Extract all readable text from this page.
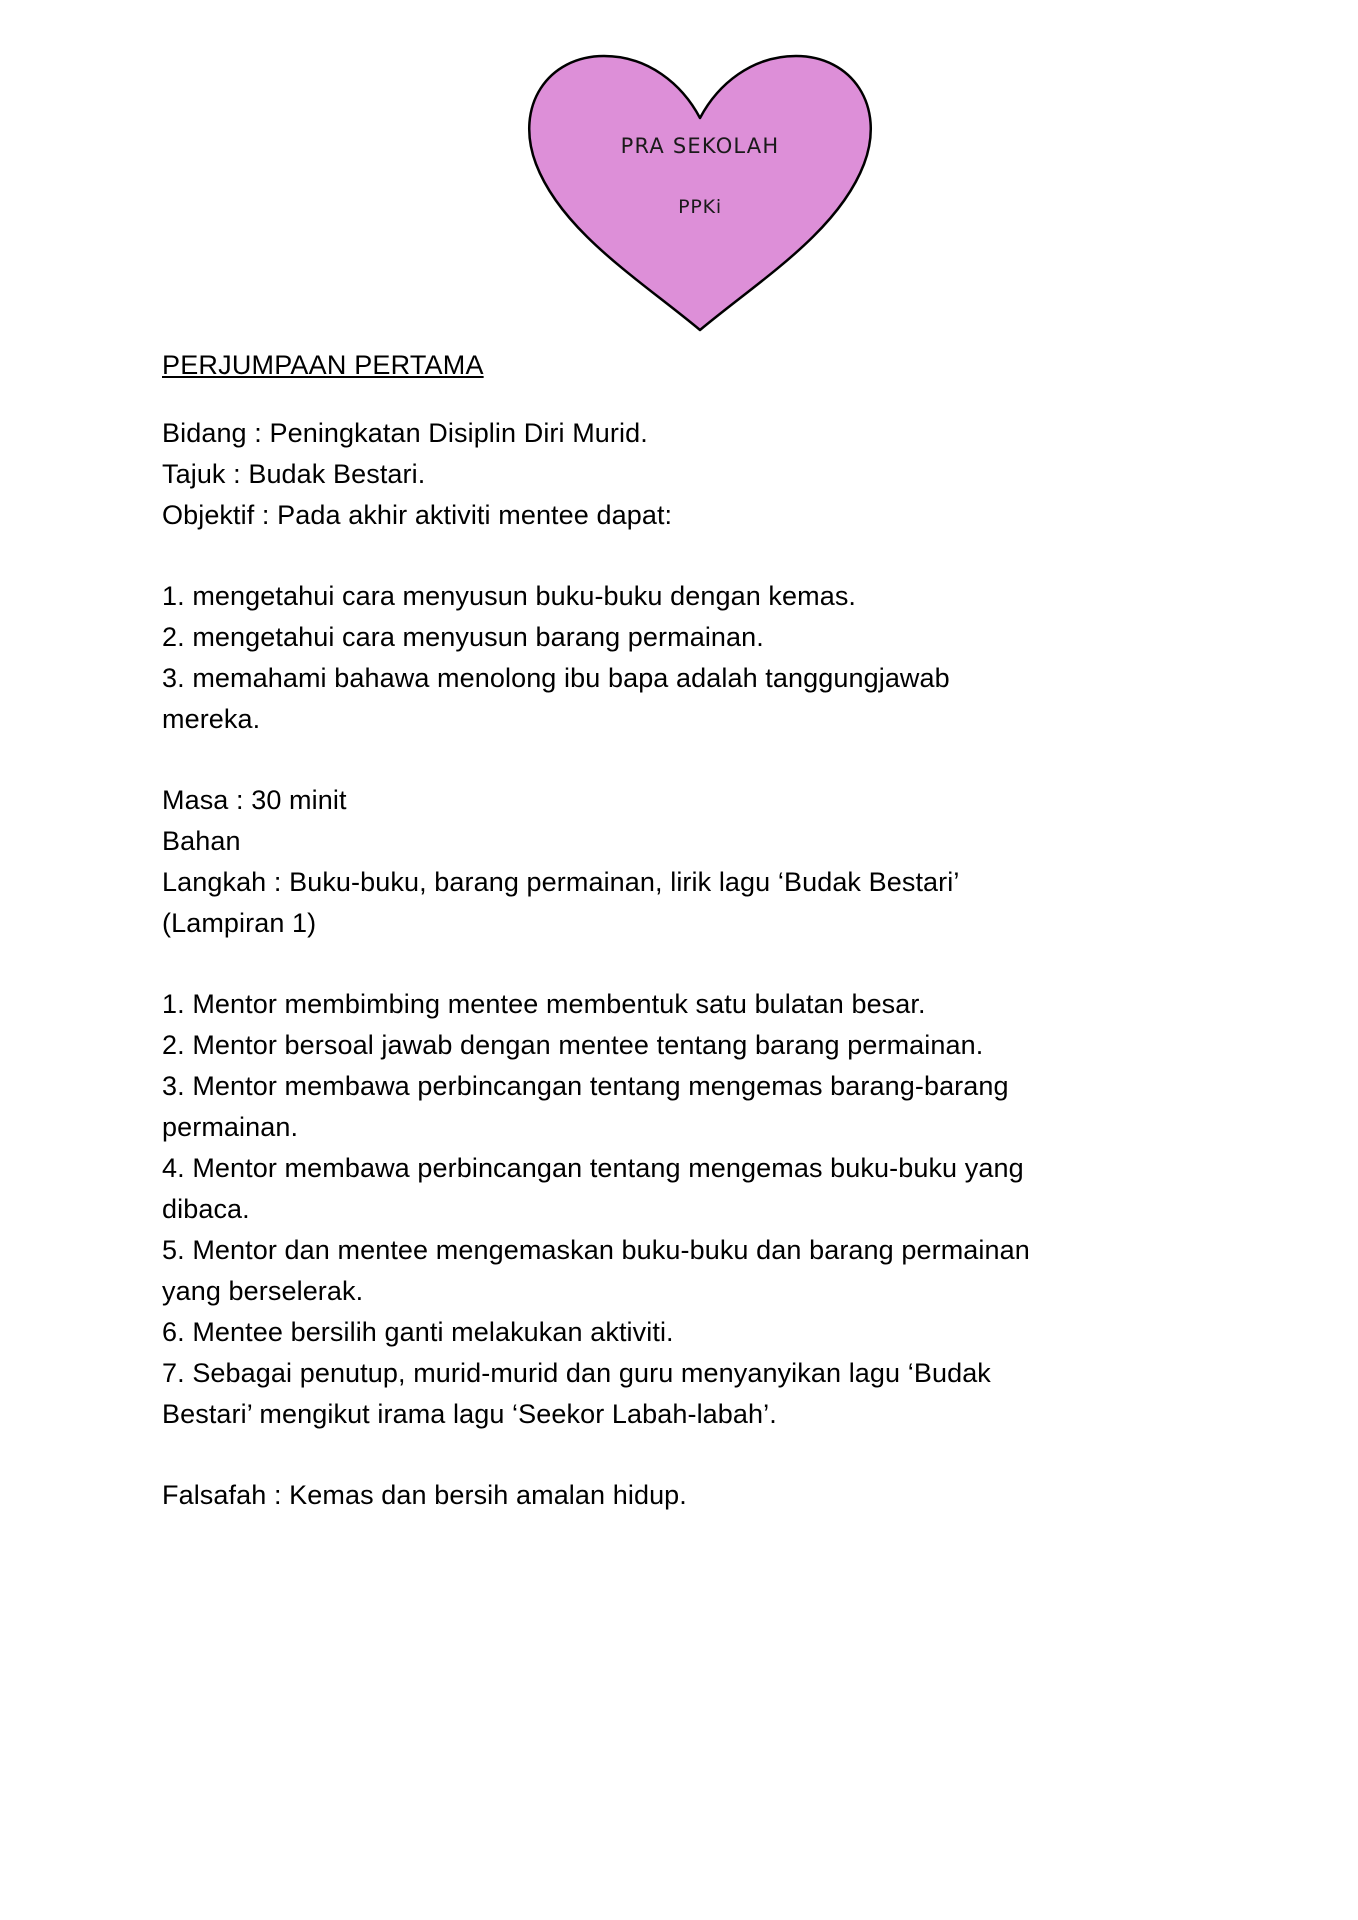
PRA SEKOLAH
PPKi
PERJUMPAAN PERTAMA

Bidang : Peningkatan Disiplin Diri Murid.

Tajuk : Budak Bestari.

Objektif : Pada akhir aktiviti mentee dapat:

1. mengetahui cara menyusun buku-buku dengan kemas.

2. mengetahui cara menyusun barang permainan.

3. memahami bahawa menolong ibu bapa adalah tanggungjawab

mereka.

Masa : 30 minit

Bahan

Langkah : Buku-buku, barang permainan, lirik lagu ‘Budak Bestari’

(Lampiran 1)

1. Mentor membimbing mentee membentuk satu bulatan besar.

2. Mentor bersoal jawab dengan mentee tentang barang permainan.

3. Mentor membawa perbincangan tentang mengemas barang-barang

permainan.

4. Mentor membawa perbincangan tentang mengemas buku-buku yang

dibaca.

5. Mentor dan mentee mengemaskan buku-buku dan barang permainan

yang berselerak.

6. Mentee bersilih ganti melakukan aktiviti.

7. Sebagai penutup, murid-murid dan guru menyanyikan lagu ‘Budak

Bestari’ mengikut irama lagu ‘Seekor Labah-labah’.

Falsafah : Kemas dan bersih amalan hidup.
